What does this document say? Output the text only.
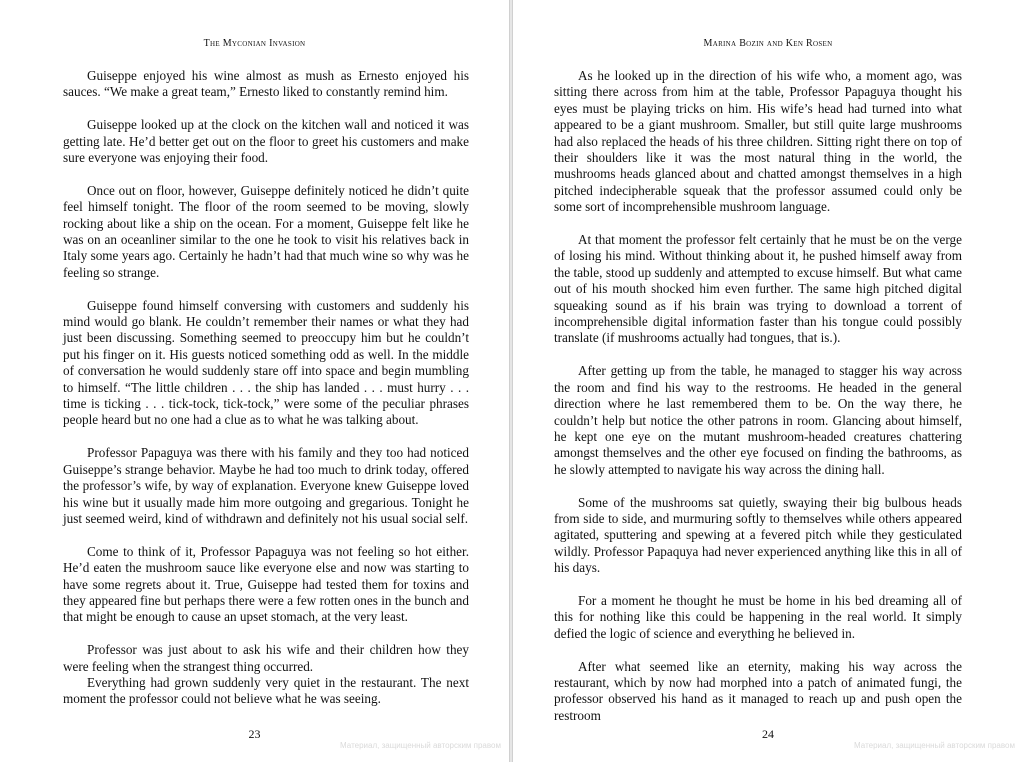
The Myconian Invasion

Guiseppe enjoyed his wine almost as mush as Ernesto enjoyed his sauces. “We make a great team,” Ernesto liked to constantly remind him.

Guiseppe looked up at the clock on the kitchen wall and noticed it was getting late. He’d better get out on the floor to greet his customers and make sure everyone was enjoying their food.

Once out on floor, however, Guiseppe definitely noticed he didn’t quite feel himself tonight. The floor of the room seemed to be moving, slowly rocking about like a ship on the ocean. For a moment, Guiseppe felt like he was on an oceanliner similar to the one he took to visit his relatives back in Italy some years ago. Certainly he hadn’t had that much wine so why was he feeling so strange.

Guiseppe found himself conversing with customers and suddenly his mind would go blank. He couldn’t remember their names or what they had just been discussing. Something seemed to preoccupy him but he couldn’t put his finger on it. His guests noticed something odd as well. In the middle of conversation he would suddenly stare off into space and begin mumbling to himself. “The little children . . . the ship has landed . . . must hurry . . . time is ticking . . . tick-tock, tick-tock,” were some of the peculiar phrases people heard but no one had a clue as to what he was talking about.

Professor Papaguya was there with his family and they too had noticed Guiseppe’s strange behavior. Maybe he had too much to drink today, offered the professor’s wife, by way of explanation. Everyone knew Guiseppe loved his wine but it usually made him more outgoing and gregarious. Tonight he just seemed weird, kind of withdrawn and definitely not his usual social self.

Come to think of it, Professor Papaguya was not feeling so hot either. He’d eaten the mushroom sauce like everyone else and now was starting to have some regrets about it. True, Guiseppe had tested them for toxins and they appeared fine but perhaps there were a few rotten ones in the bunch and that might be enough to cause an upset stomach, at the very least.

Professor was just about to ask his wife and their children how they were feeling when the strangest thing occurred.

Everything had grown suddenly very quiet in the restaurant. The next moment the professor could not believe what he was seeing.

23
Материал, защищенный авторским правом
Marina Bozin and Ken Rosen

As he looked up in the direction of his wife who, a moment ago, was sitting there across from him at the table, Professor Papaguya thought his eyes must be playing tricks on him. His wife’s head had turned into what appeared to be a giant mushroom. Smaller, but still quite large mushrooms had also replaced the heads of his three children. Sitting right there on top of their shoulders like it was the most natural thing in the world, the mushrooms heads glanced about and chatted amongst themselves in a high pitched indecipherable squeak that the professor assumed could only be some sort of incomprehensible mushroom language.

At that moment the professor felt certainly that he must be on the verge of losing his mind. Without thinking about it, he pushed himself away from the table, stood up suddenly and attempted to excuse himself. But what came out of his mouth shocked him even further. The same high pitched digital squeaking sound as if his brain was trying to download a torrent of incomprehensible digital information faster than his tongue could possibly translate (if mushrooms actually had tongues, that is.).

After getting up from the table, he managed to stagger his way across the room and find his way to the restrooms. He headed in the general direction where he last remembered them to be. On the way there, he couldn’t help but notice the other patrons in room. Glancing about himself, he kept one eye on the mutant mushroom-headed creatures chattering amongst themselves and the other eye focused on finding the bathrooms, as he slowly attempted to navigate his way across the dining hall.

Some of the mushrooms sat quietly, swaying their big bulbous heads from side to side, and murmuring softly to themselves while others appeared agitated, sputtering and spewing at a fevered pitch while they gesticulated wildly. Professor Papaquya had never experienced anything like this in all of his days.

For a moment he thought he must be home in his bed dreaming all of this for nothing like this could be happening in the real world. It simply defied the logic of science and everything he believed in.

After what seemed like an eternity, making his way across the restaurant, which by now had morphed into a patch of animated fungi, the professor observed his hand as it managed to reach up and push open the restroom

24
Материал, защищенный авторским правом
